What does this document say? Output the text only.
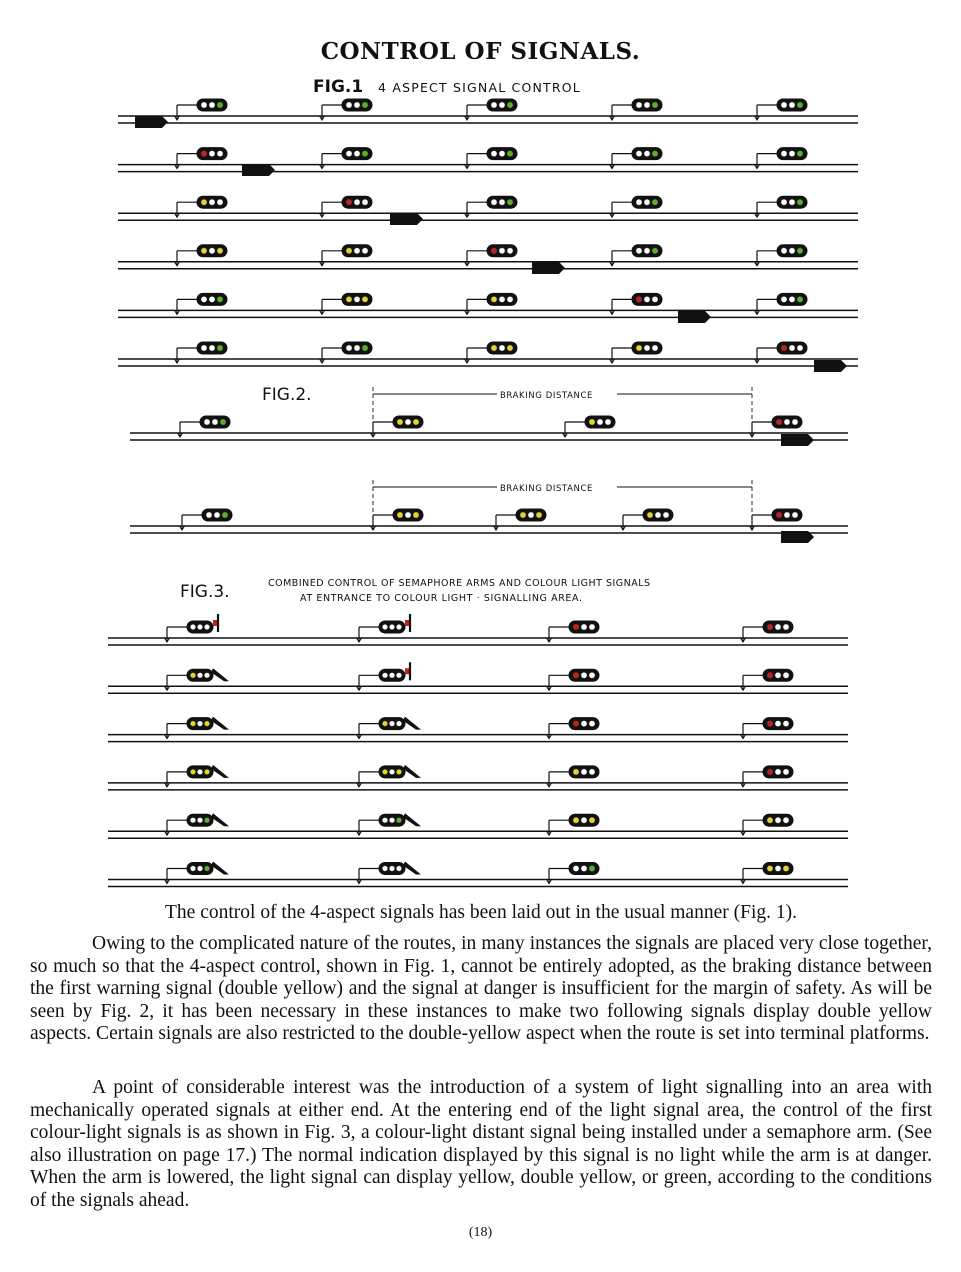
CONTROL OF SIGNALS.
FIG.1 4 ASPECT SIGNAL CONTROL
FIG.2.	BRAKING DISTANCE
BRAKING DISTANCE
FIG.3.	COMBINED CONTROL OF SEMAPHORE ARMS AND COLOUR LIGHT SIGNALS
AT ENTRANCE TO COLOUR LIGHT · SIGNALLING AREA.

The control of the 4-aspect signals has been laid out in the usual manner (Fig. 1).

Owing to the complicated nature of the routes, in many instances the signals are placed very close together, so much so that the 4-aspect control, shown in Fig. 1, cannot be entirely adopted, as the braking distance between the first warning signal (double yellow) and the signal at danger is insufficient for the margin of safety. As will be seen by Fig. 2, it has been necessary in these instances to make two following signals display double yellow aspects. Certain signals are also restricted to the double-yellow aspect when the route is set into terminal platforms.

A point of considerable interest was the introduction of a system of light signalling into an area with mechanically operated signals at either end. At the entering end of the light signal area, the control of the first colour-light signals is as shown in Fig. 3, a colour-light distant signal being installed under a semaphore arm. (See also illustration on page 17.) The normal indication displayed by this signal is no light while the arm is at danger. When the arm is lowered, the light signal can display yellow, double yellow, or green, according to the conditions of the signals ahead.

(18)
